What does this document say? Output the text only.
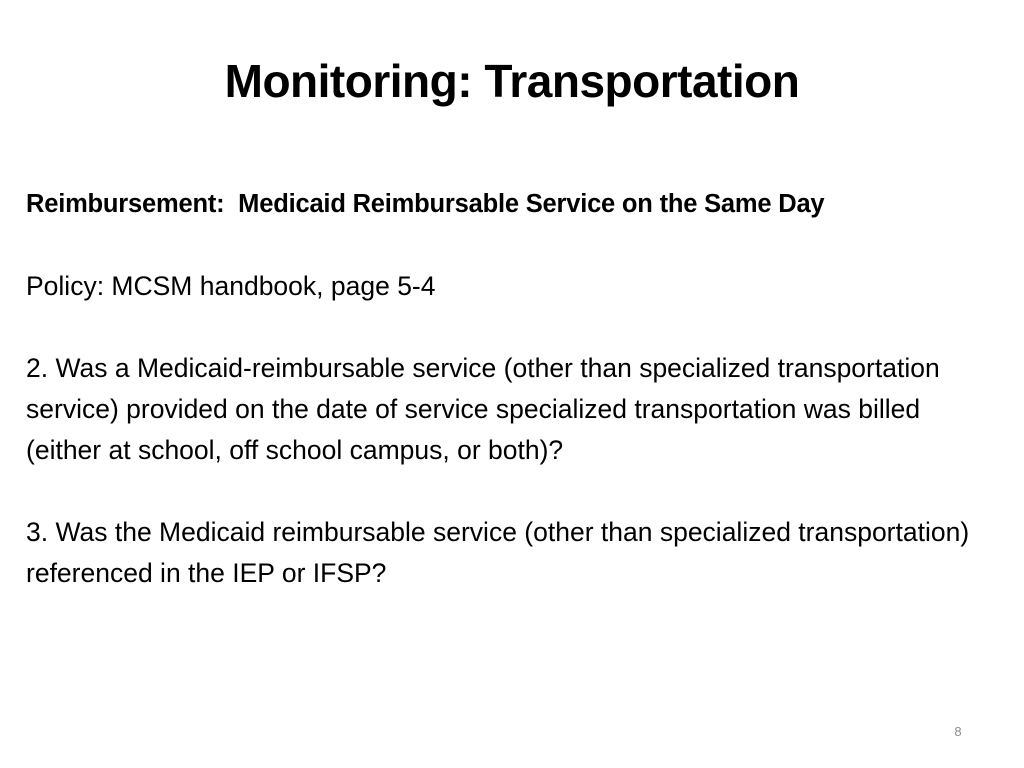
Monitoring: Transportation
Reimbursement:  Medicaid Reimbursable Service on the Same Day

Policy: MCSM handbook, page 5-4

2. Was a Medicaid-reimbursable service (other than specialized transportation service) provided on the date of service specialized transportation was billed (either at school, off school campus, or both)?

3. Was the Medicaid reimbursable service (other than specialized transportation) referenced in the IEP or IFSP?

8
